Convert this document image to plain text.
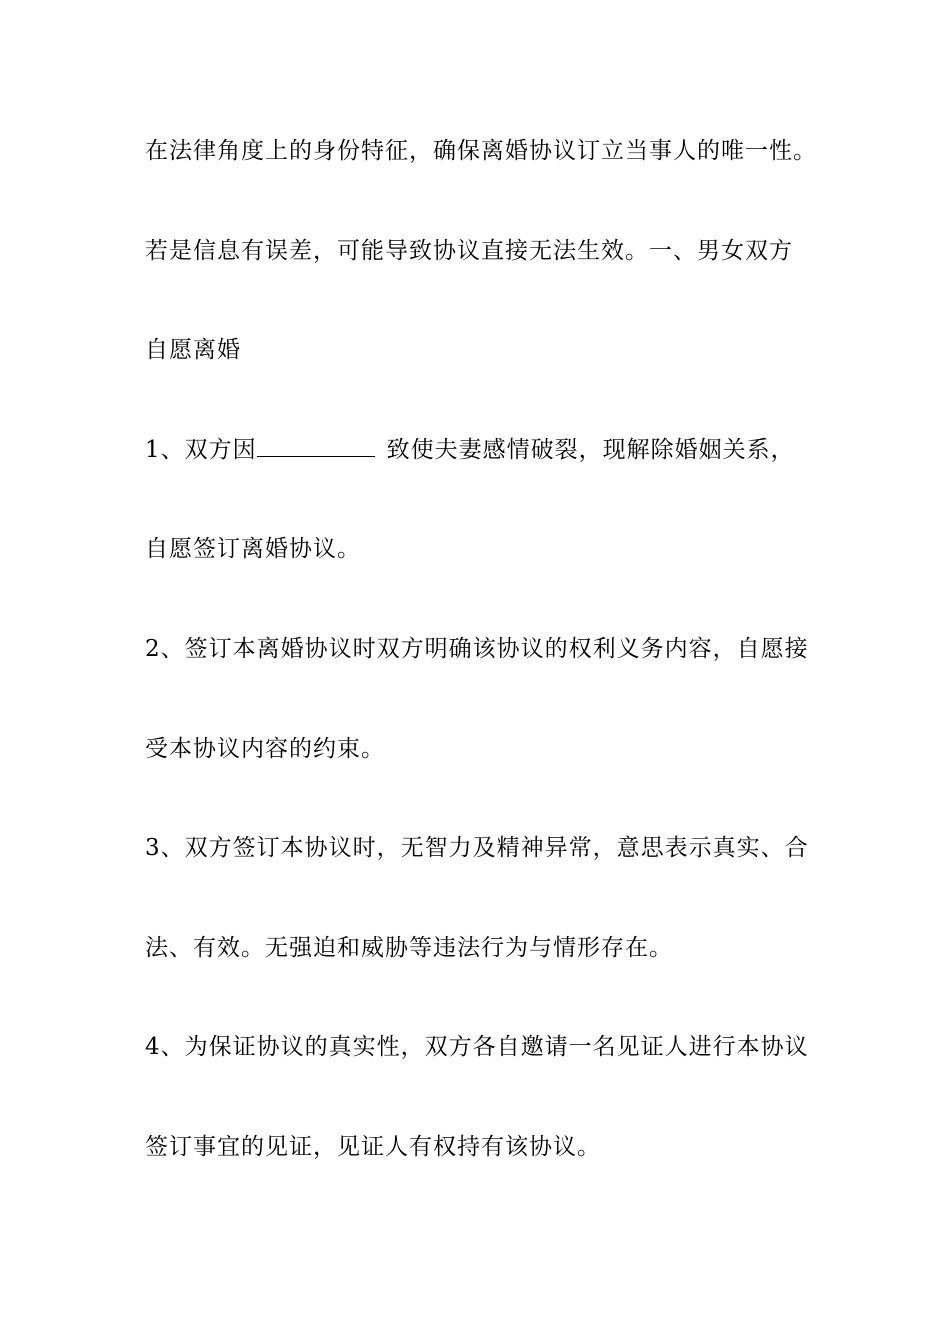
在法律角度上的身份特征，确保离婚协议订立当事人的唯一性。
若是信息有误差，可能导致协议直接无法生效。一、男女双方
自愿离婚
1、双方因	致使夫妻感情破裂，现解除婚姻关系，
自愿签订离婚协议。
2、签订本离婚协议时双方明确该协议的权利义务内容，自愿接
受本协议内容的约束。
3、双方签订本协议时，无智力及精神异常，意思表示真实、合
法、有效。无强迫和威胁等违法行为与情形存在。
4、为保证协议的真实性，双方各自邀请一名见证人进行本协议
签订事宜的见证，见证人有权持有该协议。
